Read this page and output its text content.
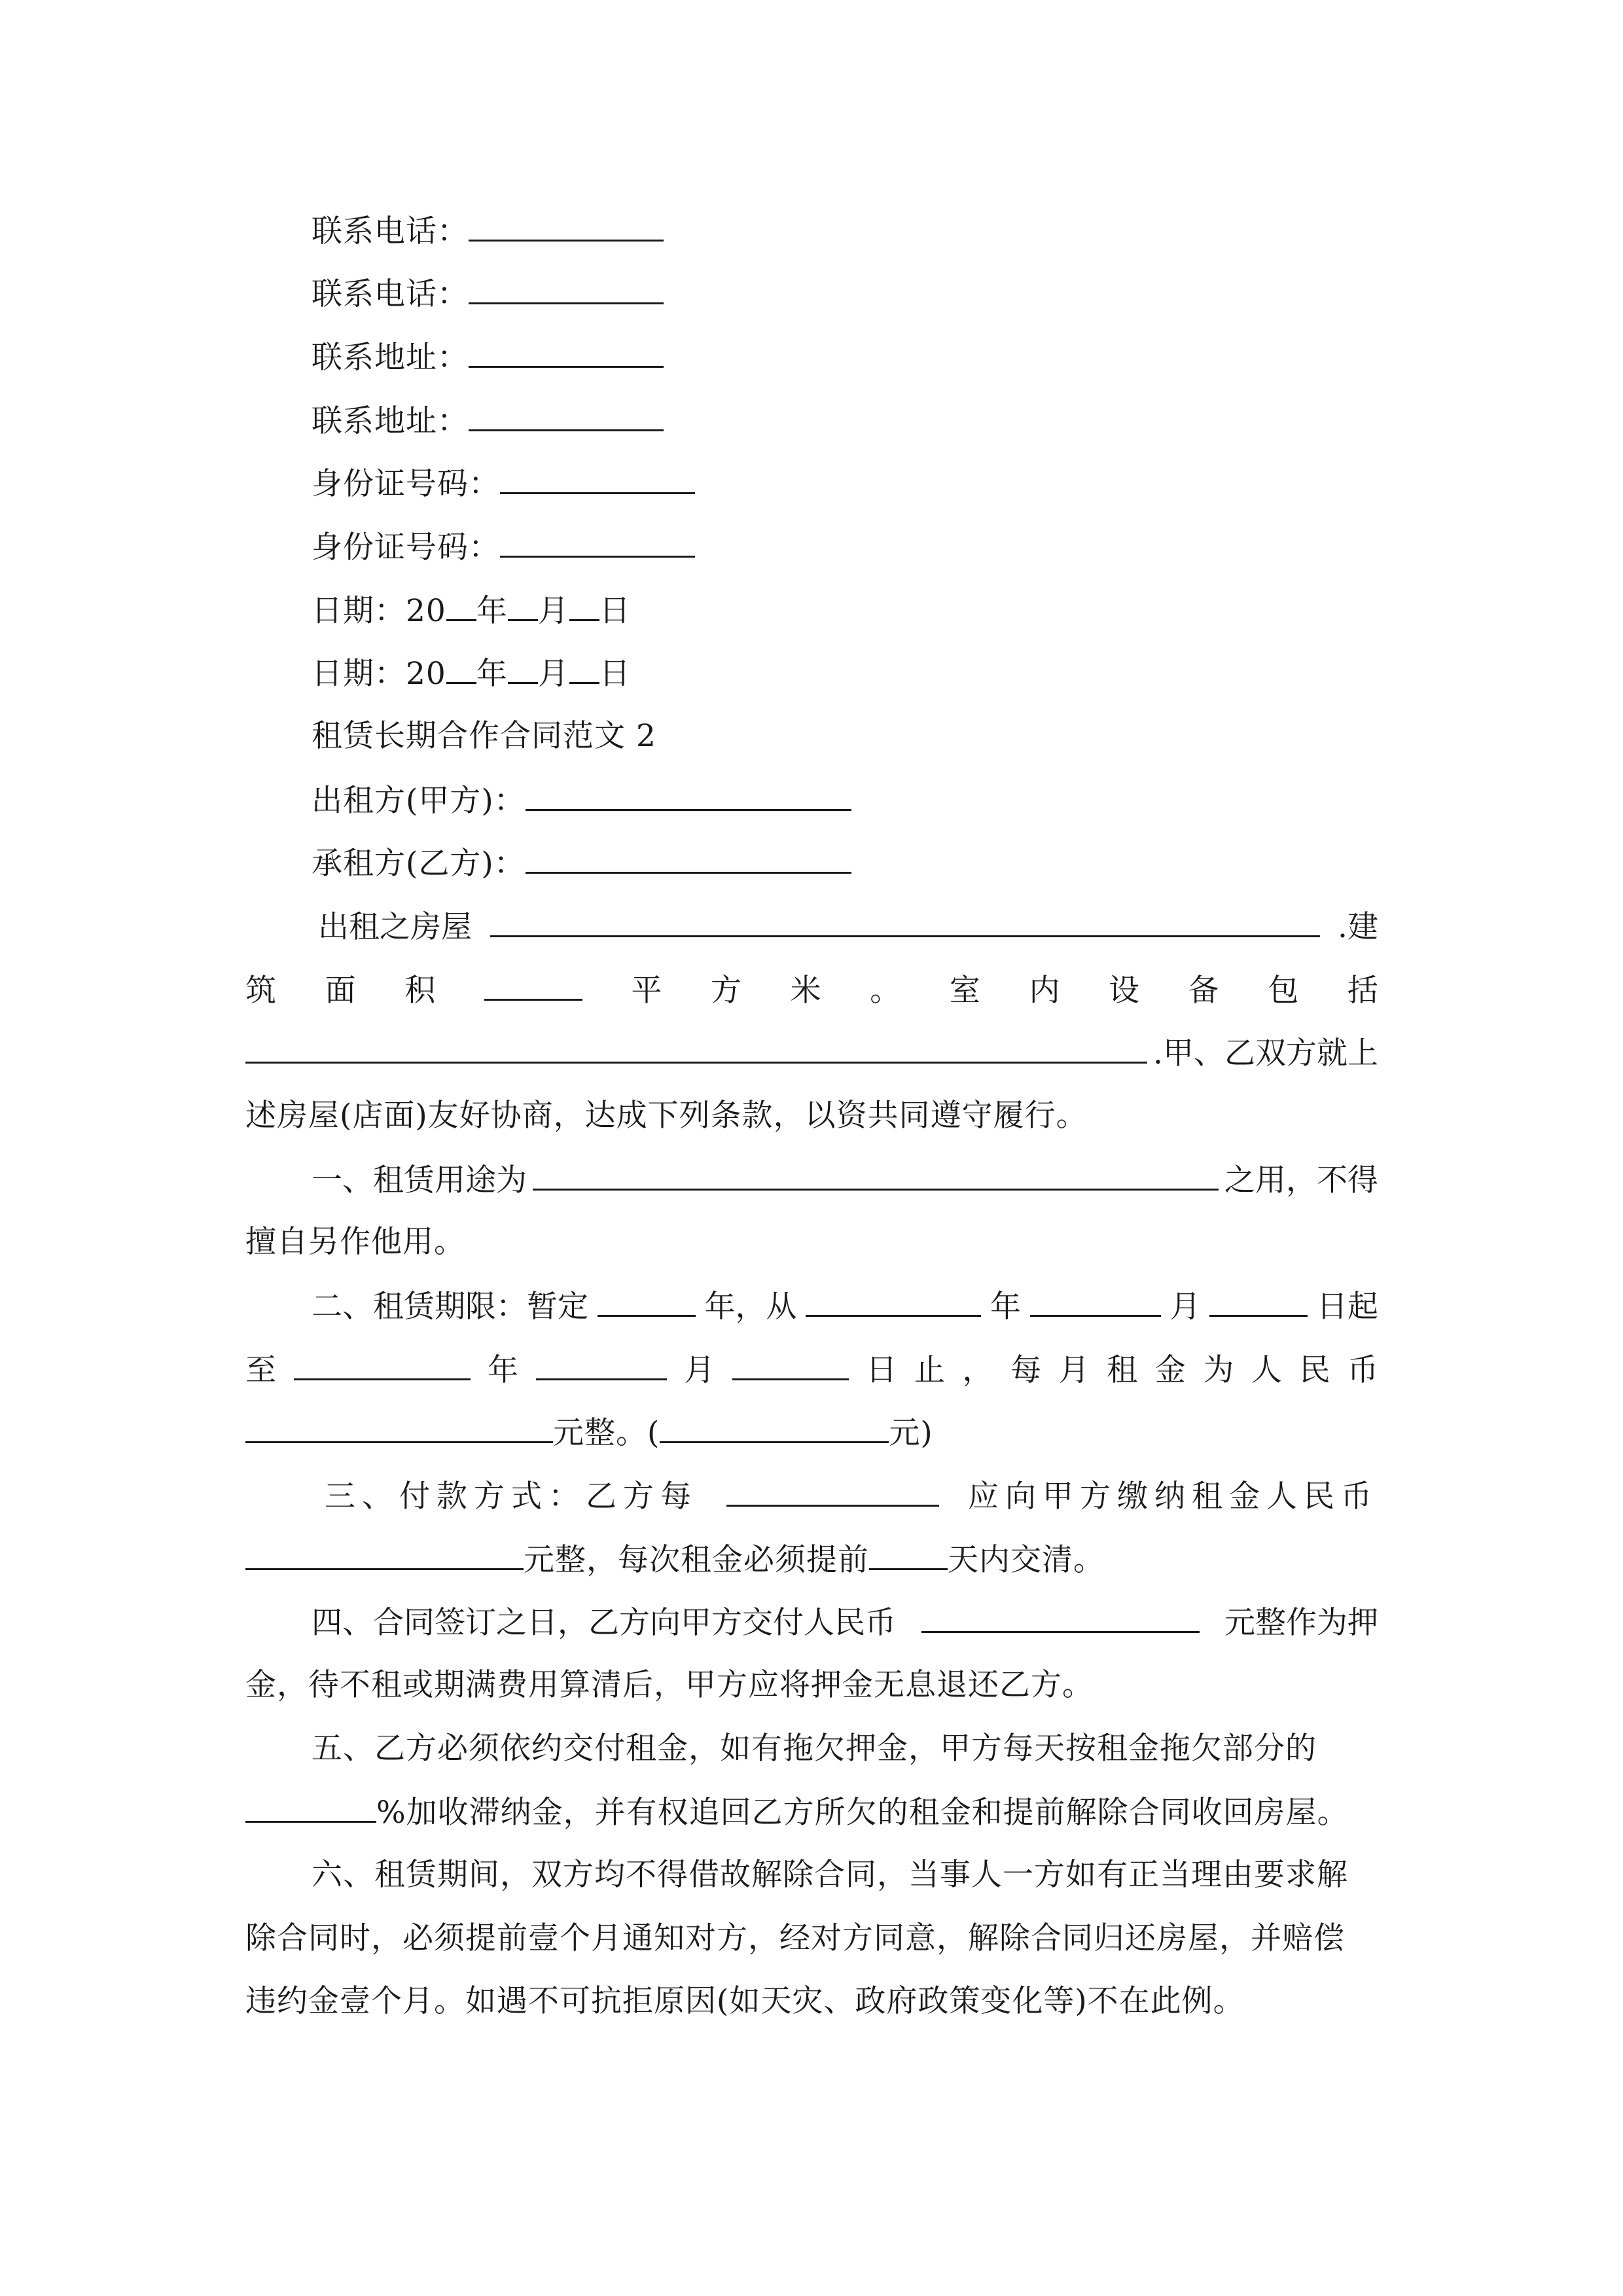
联系电话：
联系电话：
联系地址：
联系地址：
身份证号码：
身份证号码：
日期：20 年 月 日
日期：20 年 月 日
租赁长期合作合同范文 2
出租方(甲方)：
承租方(乙方)：
出租之房屋	.建
筑 面 积	平 方 米 。 室 内 设 备 包 括
.甲、乙双方就上
述房屋(店面)友好协商，达成下列条款，以资共同遵守履行。
一、租赁用途为	之用，不得
擅自另作他用。
二、租赁期限：暂定	年，从	年	月	日起
至	年	月	日 止 ， 每 月 租 金 为 人 民 币
元整。(	元)
三、付款方式：乙方每	应向甲方缴纳租金人民币
元整，每次租金必须提前	天内交清。
四、合同签订之日，乙方向甲方交付人民币	元整作为押
金，待不租或期满费用算清后，甲方应将押金无息退还乙方。
五、乙方必须依约交付租金，如有拖欠押金，甲方每天按租金拖欠部分的
%加收滞纳金，并有权追回乙方所欠的租金和提前解除合同收回房屋。
六、租赁期间，双方均不得借故解除合同，当事人一方如有正当理由要求解
除合同时，必须提前壹个月通知对方，经对方同意，解除合同归还房屋，并赔偿
违约金壹个月。如遇不可抗拒原因(如天灾、政府政策变化等)不在此例。
